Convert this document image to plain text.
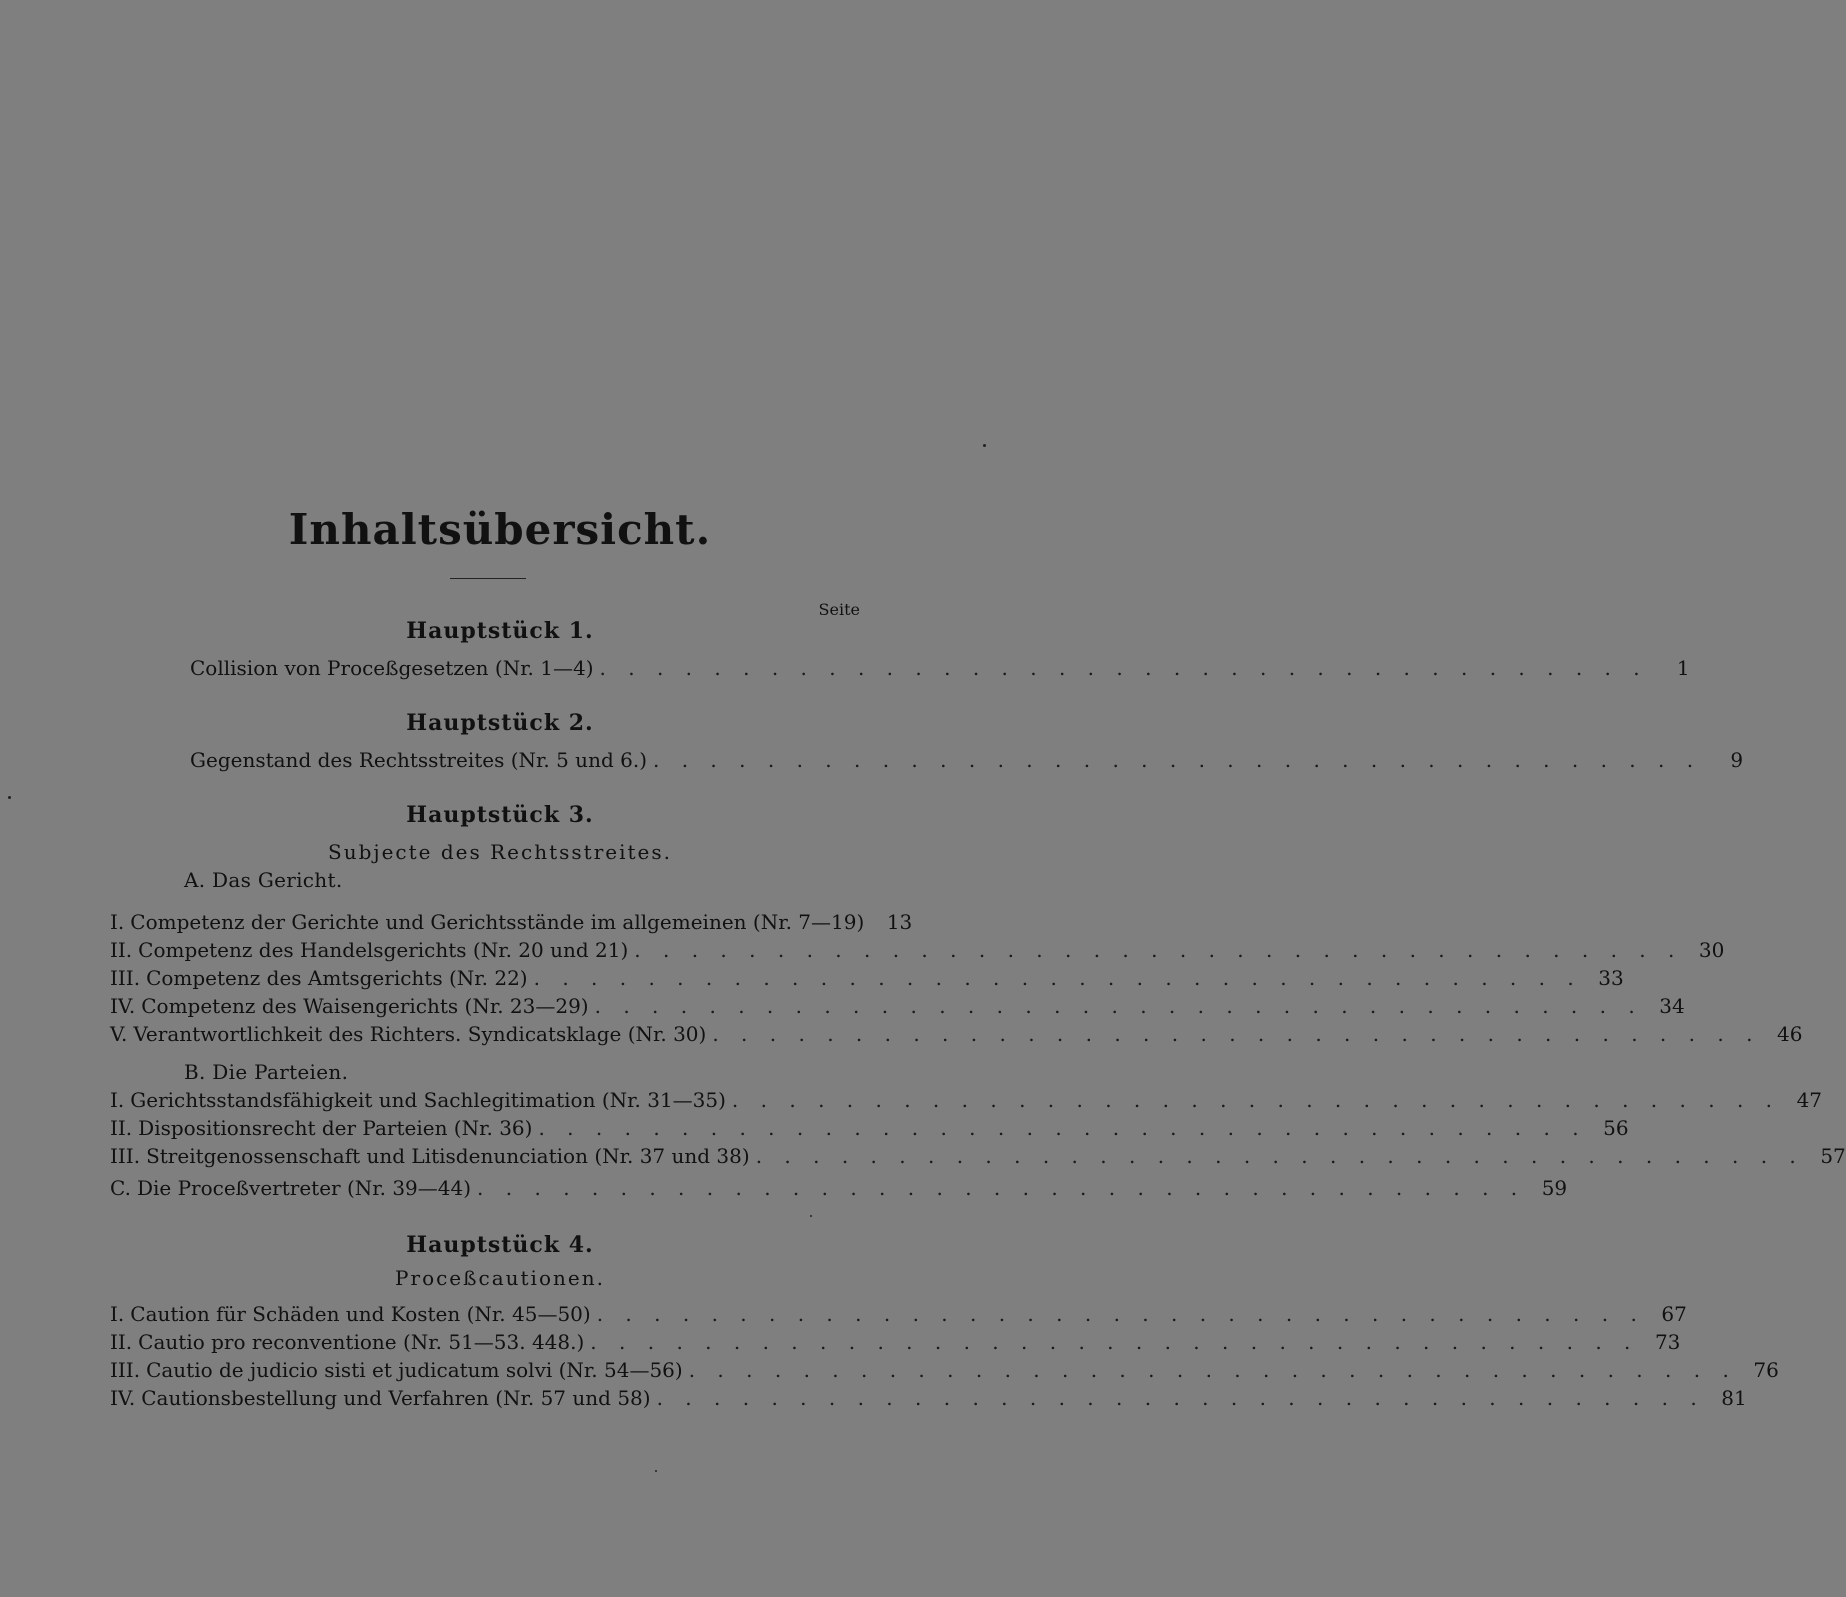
Inhaltsübersicht.
Seite
Hauptstück 1.
Collision von Proceßgesetzen (Nr. 1—4) . . . . . . . . . . . . . . . . . . . . . . . . . . . . . . . . . . . . .	1
Hauptstück 2.
Gegenstand des Rechtsstreites (Nr. 5 und 6.) . . . . . . . . . . . . . . . . . . . . . . . . . . . . . . . . . . . . .	9
Hauptstück 3.
Subjecte des Rechtsstreites.
A. Das Gericht.
I. Competenz der Gerichte und Gerichtsstände im allgemeinen (Nr. 7—19)	13
II. Competenz des Handelsgerichts (Nr. 20 und 21) . . . . . . . . . . . . . . . . . . . . . . . . . . . . . . . . . . . . . 30
III. Competenz des Amtsgerichts (Nr. 22) . . . . . . . . . . . . . . . . . . . . . . . . . . . . . . . . . . . . . 33
IV. Competenz des Waisengerichts (Nr. 23—29) . . . . . . . . . . . . . . . . . . . . . . . . . . . . . . . . . . . . . 34
V. Verantwortlichkeit des Richters. Syndicatsklage (Nr. 30) . . . . . . . . . . . . . . . . . . . . . . . . . . . . . . . . . . . . . 46
B. Die Parteien.
I. Gerichtsstandsfähigkeit und Sachlegitimation (Nr. 31—35) . . . . . . . . . . . . . . . . . . . . . . . . . . . . . . . . . . . . . 47
II. Dispositionsrecht der Parteien (Nr. 36) . . . . . . . . . . . . . . . . . . . . . . . . . . . . . . . . . . . . . 56
III. Streitgenossenschaft und Litisdenunciation (Nr. 37 und 38) . . . . . . . . . . . . . . . . . . . . . . . . . . . . . . . . . . . . . 57
C. Die Proceßvertreter (Nr. 39—44) . . . . . . . . . . . . . . . . . . . . . . . . . . . . . . . . . . . . . 59
Hauptstück 4.
Proceßcautionen.
I. Caution für Schäden und Kosten (Nr. 45—50) . . . . . . . . . . . . . . . . . . . . . . . . . . . . . . . . . . . . . 67
II. Cautio pro reconventione (Nr. 51—53. 448.) . . . . . . . . . . . . . . . . . . . . . . . . . . . . . . . . . . . . . 73
III. Cautio de judicio sisti et judicatum solvi (Nr. 54—56) . . . . . . . . . . . . . . . . . . . . . . . . . . . . . . . . . . . . . 76
IV. Cautionsbestellung und Verfahren (Nr. 57 und 58) . . . . . . . . . . . . . . . . . . . . . . . . . . . . . . . . . . . . . 81
